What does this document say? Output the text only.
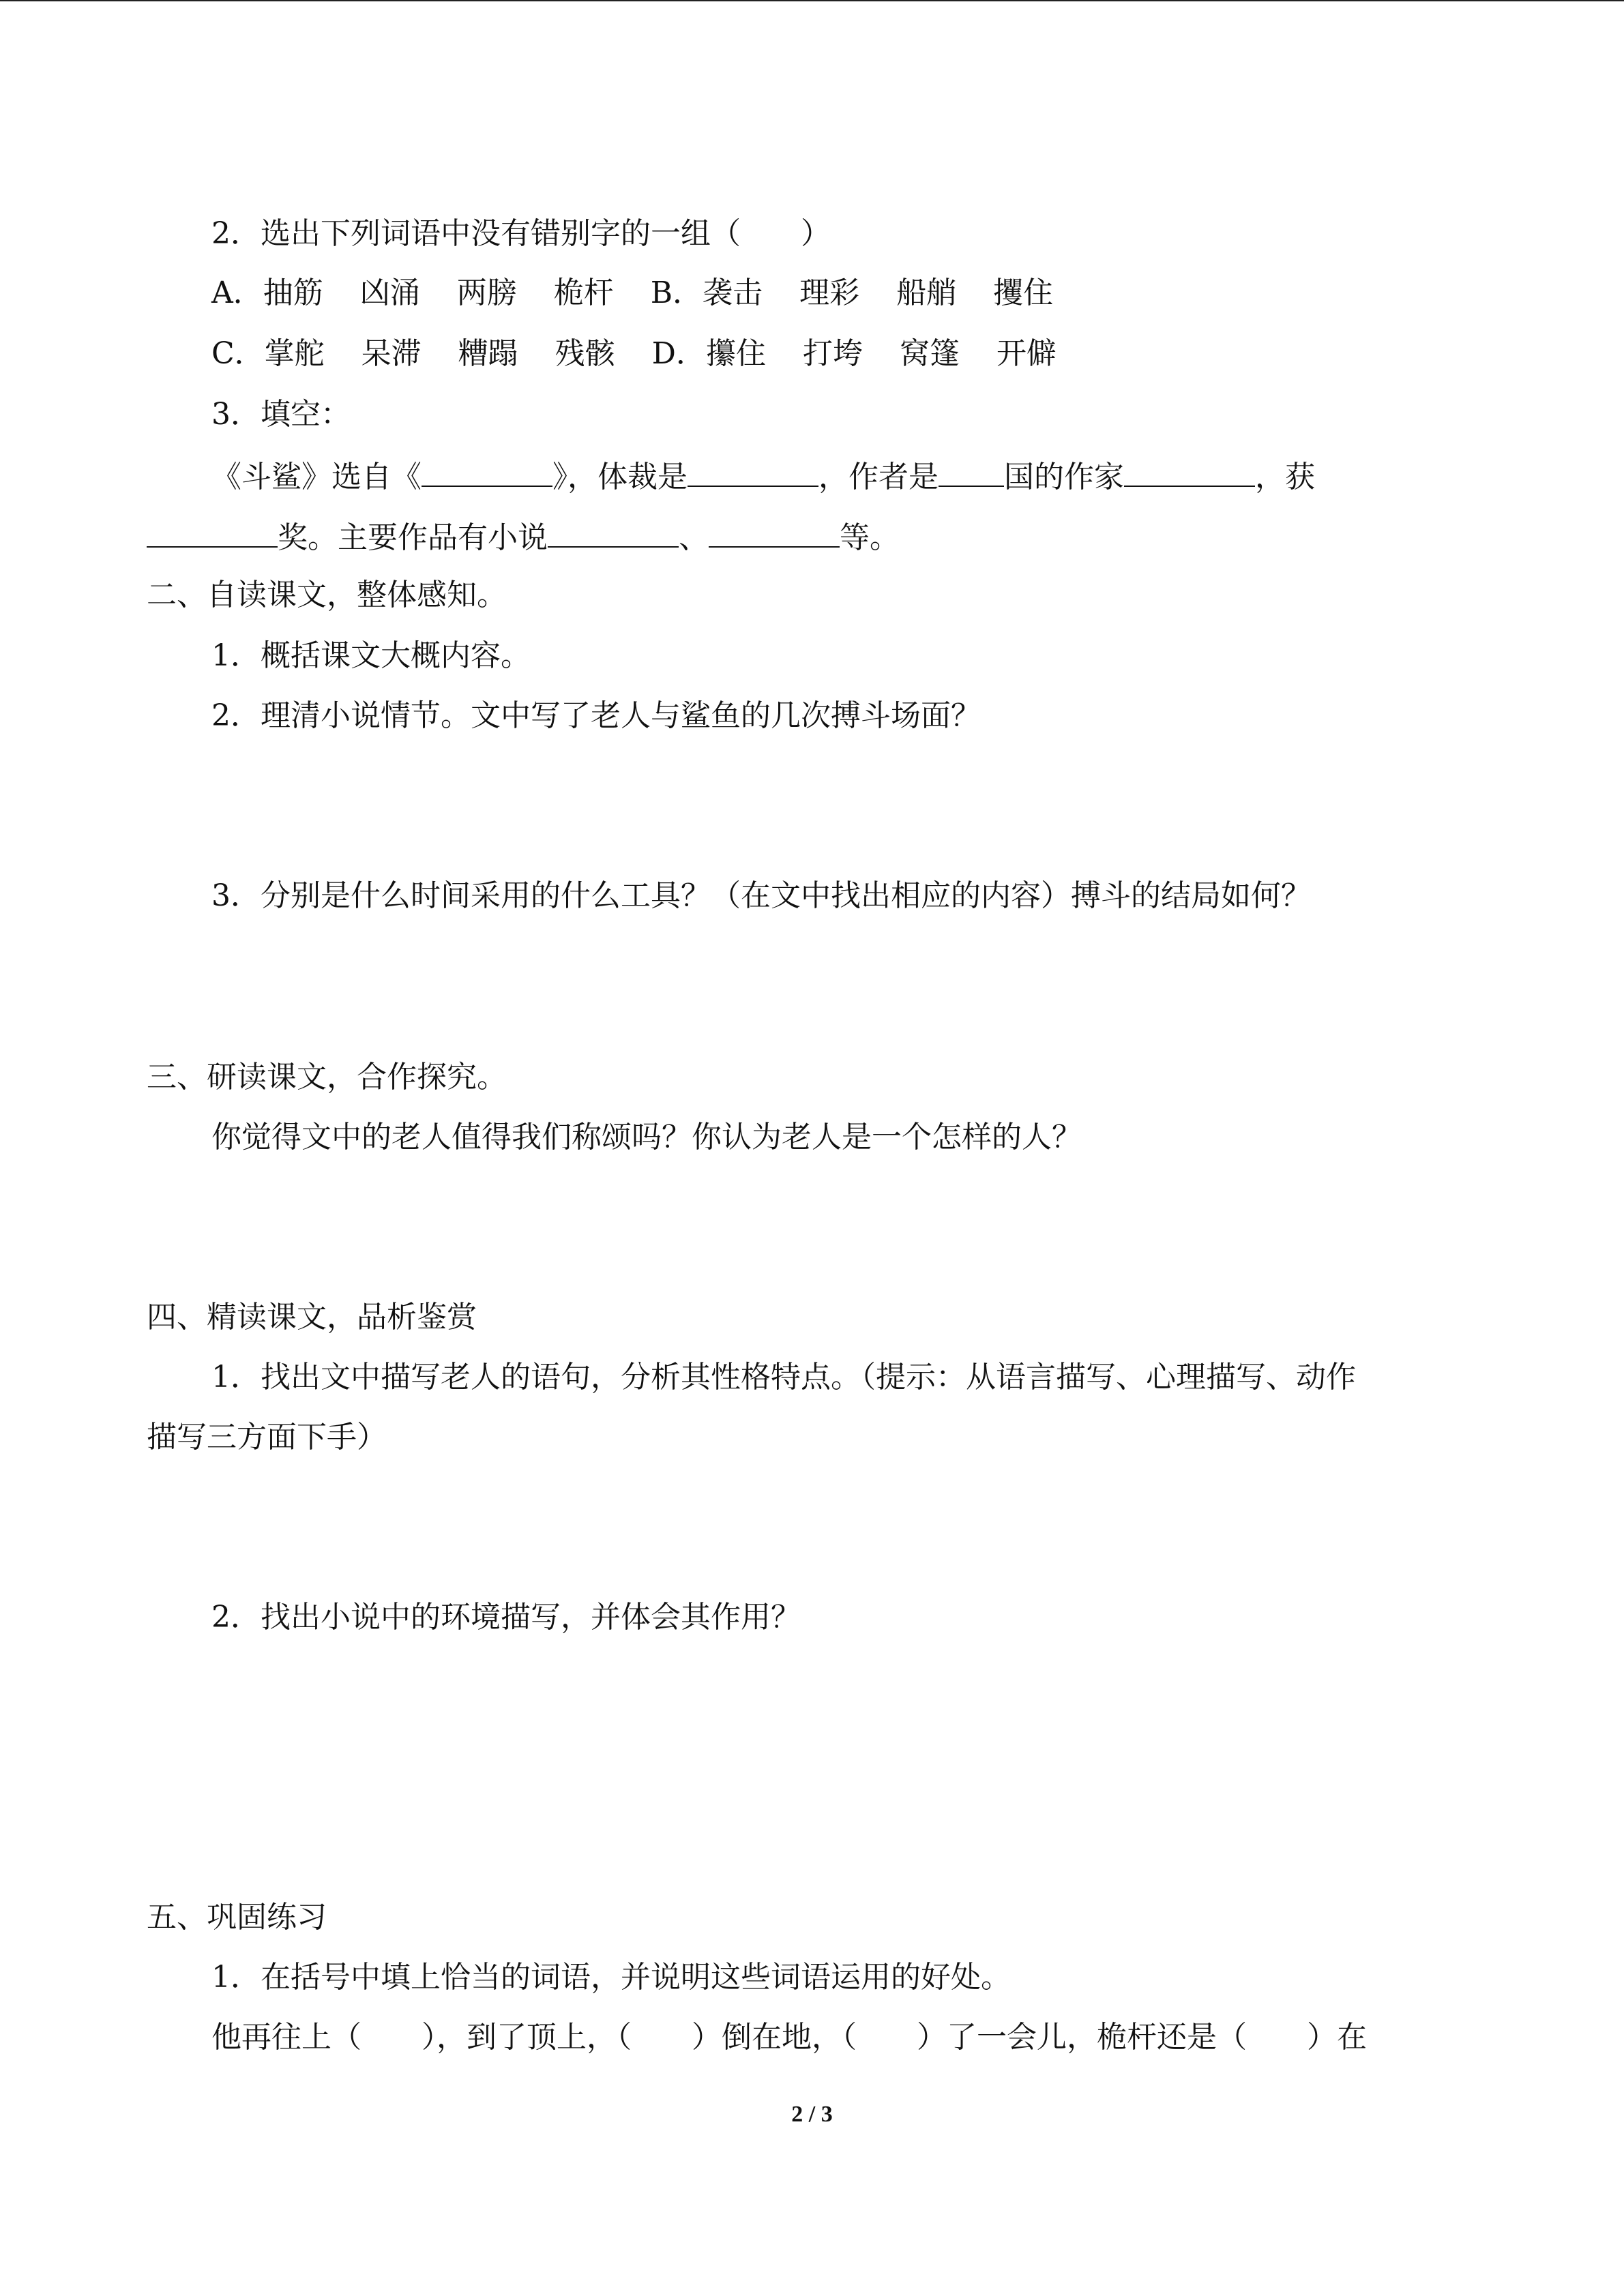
2．选出下列词语中没有错别字的一组（　　）
A．抽筋 凶涌 两膀 桅杆 B．袭击 理彩 船艄 攫住
C．掌舵 呆滞 糟蹋 残骸 D．攥住 打垮 窝篷 开僻
3．填空：
《斗鲨》选自《	》，体裁是	，作者是 国的作家	，获
奖。主要作品有小说	、	等。
二、自读课文，整体感知。
1．概括课文大概内容。
2．理清小说情节。文中写了老人与鲨鱼的几次搏斗场面？
3．分别是什么时间采用的什么工具？（在文中找出相应的内容）搏斗的结局如何？
三、研读课文，合作探究。
你觉得文中的老人值得我们称颂吗？你认为老人是一个怎样的人？
四、精读课文，品析鉴赏
1．找出文中描写老人的语句，分析其性格特点。（提示：从语言描写、心理描写、动作
描写三方面下手）
2．找出小说中的环境描写，并体会其作用？
五、巩固练习
1．在括号中填上恰当的词语，并说明这些词语运用的好处。
他再往上（　　），到了顶上，（　　）倒在地，（　　）了一会儿，桅杆还是（　　）在
2 / 3
